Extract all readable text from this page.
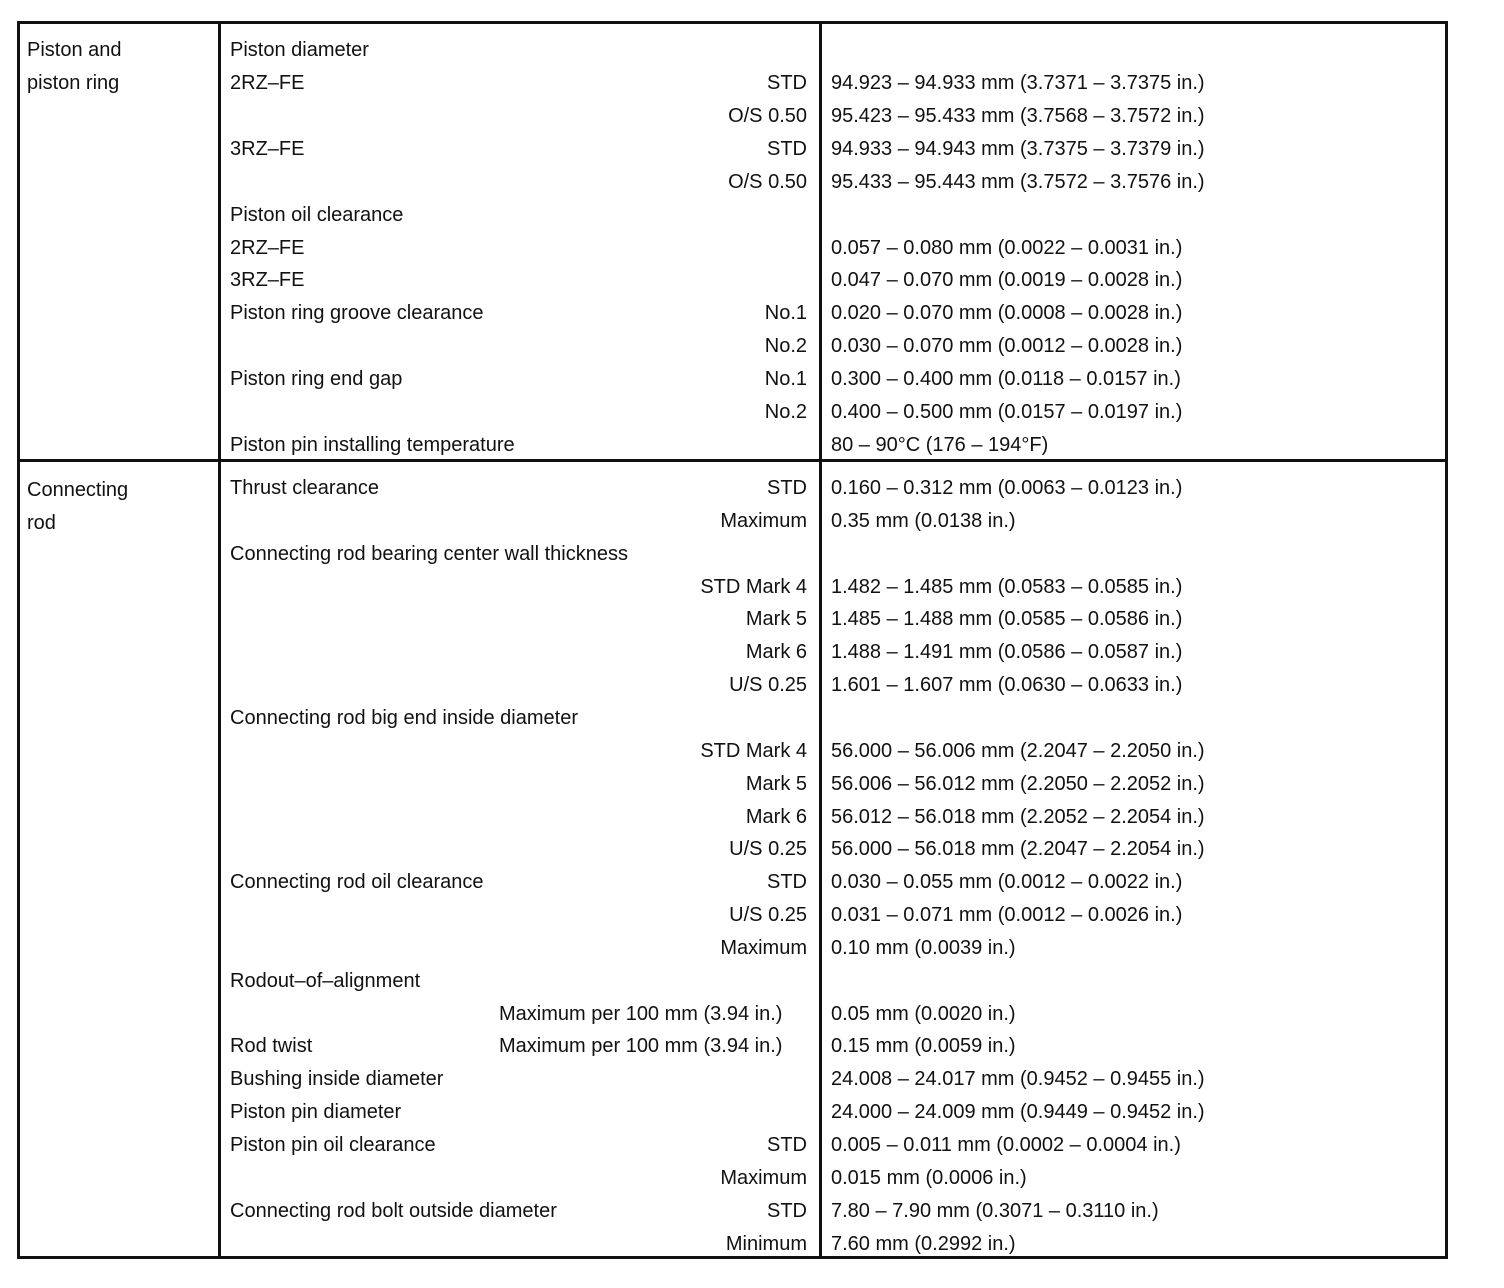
Piston and
piston ring
Piston diameter
2RZ–FE	STD 94.923 – 94.933 mm (3.7371 – 3.7375 in.)
O/S 0.50 95.423 – 95.433 mm (3.7568 – 3.7572 in.)
3RZ–FE	STD 94.933 – 94.943 mm (3.7375 – 3.7379 in.)
O/S 0.50 95.433 – 95.443 mm (3.7572 – 3.7576 in.)
Piston oil clearance
2RZ–FE	0.057 – 0.080 mm (0.0022 – 0.0031 in.)
3RZ–FE	0.047 – 0.070 mm (0.0019 – 0.0028 in.)
Piston ring groove clearance	No.1 0.020 – 0.070 mm (0.0008 – 0.0028 in.)
No.2 0.030 – 0.070 mm (0.0012 – 0.0028 in.)
Piston ring end gap	No.1 0.300 – 0.400 mm (0.0118 – 0.0157 in.)
No.2 0.400 – 0.500 mm (0.0157 – 0.0197 in.)
Piston pin installing temperature	80 – 90°C (176 – 194°F)
Connecting
rod
Thrust clearance	STD 0.160 – 0.312 mm (0.0063 – 0.0123 in.)
Maximum 0.35 mm (0.0138 in.)
Connecting rod bearing center wall thickness
STD Mark 4 1.482 – 1.485 mm (0.0583 – 0.0585 in.)
Mark 5 1.485 – 1.488 mm (0.0585 – 0.0586 in.)
Mark 6 1.488 – 1.491 mm (0.0586 – 0.0587 in.)
U/S 0.25 1.601 – 1.607 mm (0.0630 – 0.0633 in.)
Connecting rod big end inside diameter
STD Mark 4 56.000 – 56.006 mm (2.2047 – 2.2050 in.)
Mark 5 56.006 – 56.012 mm (2.2050 – 2.2052 in.)
Mark 6 56.012 – 56.018 mm (2.2052 – 2.2054 in.)
U/S 0.25 56.000 – 56.018 mm (2.2047 – 2.2054 in.)
Connecting rod oil clearance	STD 0.030 – 0.055 mm (0.0012 – 0.0022 in.)
U/S 0.25 0.031 – 0.071 mm (0.0012 – 0.0026 in.)
Maximum 0.10 mm (0.0039 in.)
Rodout–of–alignment
Maximum per 100 mm (3.94 in.) 0.05 mm (0.0020 in.)
Rod twist	Maximum per 100 mm (3.94 in.) 0.15 mm (0.0059 in.)
Bushing inside diameter	24.008 – 24.017 mm (0.9452 – 0.9455 in.)
Piston pin diameter	24.000 – 24.009 mm (0.9449 – 0.9452 in.)
Piston pin oil clearance	STD 0.005 – 0.011 mm (0.0002 – 0.0004 in.)
Maximum 0.015 mm (0.0006 in.)
Connecting rod bolt outside diameter	STD 7.80 – 7.90 mm (0.3071 – 0.3110 in.)
Minimum 7.60 mm (0.2992 in.)
